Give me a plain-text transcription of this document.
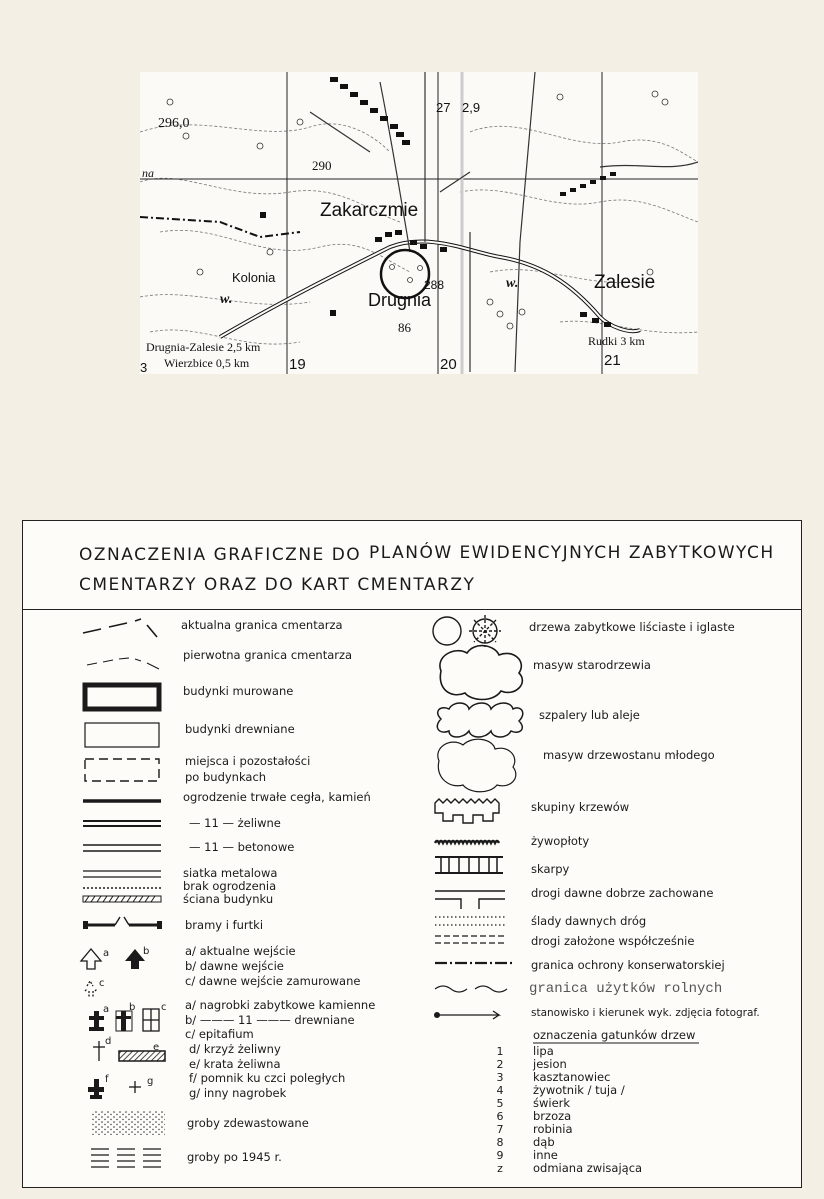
296,0
290
27 2,9
na
Zakarczmie
Kolonia
w.
w.
288
Drugnia
Zalesie
86
Drugnia-Zalesie 2,5 km
Wierzbice 0,5 km
Rudki 3 km
19	20	21
3
OZNACZENIA GRAFICZNE DO PLANÓW EWIDENCYJNYCH ZABYTKOWYCH
CMENTARZY ORAZ DO KART CMENTARZY
aktualna granica cmentarza
pierwotna granica cmentarza
budynki murowane
budynki drewniane
miejsca i pozostałości
po budynkach
ogrodzenie trwałe cegła, kamień
— 11 — żeliwne
— 11 — betonowe
siatka metalowa
brak ogrodzenia
ściana budynku
bramy i furtki
a	b
c
a/ aktualne wejście
b/ dawne wejście
c/ dawne wejście zamurowane
a b	c
d
e
f	g
a/ nagrobki zabytkowe kamienne
b/ ——— 11 ——— drewniane
c/ epitafium
d/ krzyż żeliwny
e/ krata żeliwna
f/ pomnik ku czci poległych
g/ inny nagrobek
groby zdewastowane
groby po 1945 r.
drzewa zabytkowe liściaste i iglaste
masyw starodrzewia
szpalery lub aleje
masyw drzewostanu młodego
skupiny krzewów
żywopłoty
skarpy
drogi dawne dobrze zachowane
ślady dawnych dróg
drogi założone współcześnie
granica ochrony konserwatorskiej
granica użytków rolnych
stanowisko i kierunek wyk. zdjęcia fotograf.
oznaczenia gatunków drzew
1	lipa
2	jesion
3	kasztanowiec
4	żywotnik / tuja /
5	świerk
6	brzoza
7	robinia
8	dąb
9	inne
z	odmiana zwisająca
